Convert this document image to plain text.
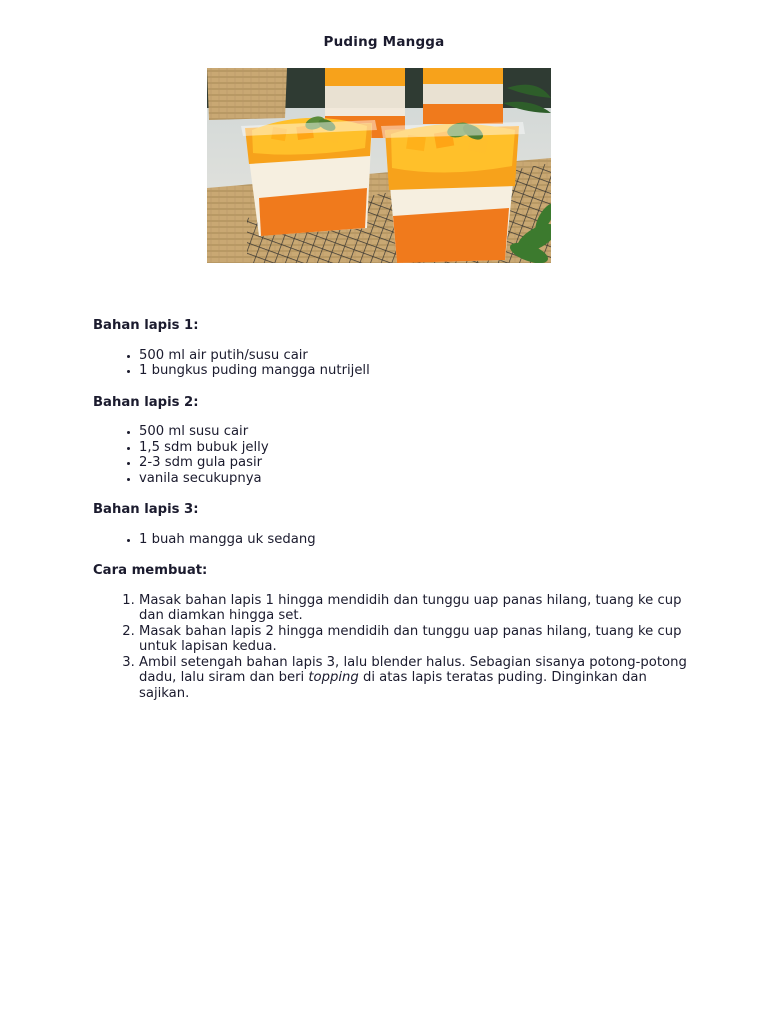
Puding Mangga
Bahan lapis 1:
• 500 ml air putih/susu cair
• 1 bungkus puding mangga nutrijell
Bahan lapis 2:
• 500 ml susu cair
• 1,5 sdm bubuk jelly
• 2-3 sdm gula pasir
• vanila secukupnya
Bahan lapis 3:
• 1 buah mangga uk sedang
Cara membuat:
1. Masak bahan lapis 1 hingga mendidih dan tunggu uap panas hilang, tuang ke cup dan diamkan hingga set.
2. Masak bahan lapis 2 hingga mendidih dan tunggu uap panas hilang, tuang ke cup untuk lapisan kedua.
3. Ambil setengah bahan lapis 3, lalu blender halus. Sebagian sisanya potong-potong dadu, lalu siram dan beri topping di atas lapis teratas puding. Dinginkan dan sajikan.
